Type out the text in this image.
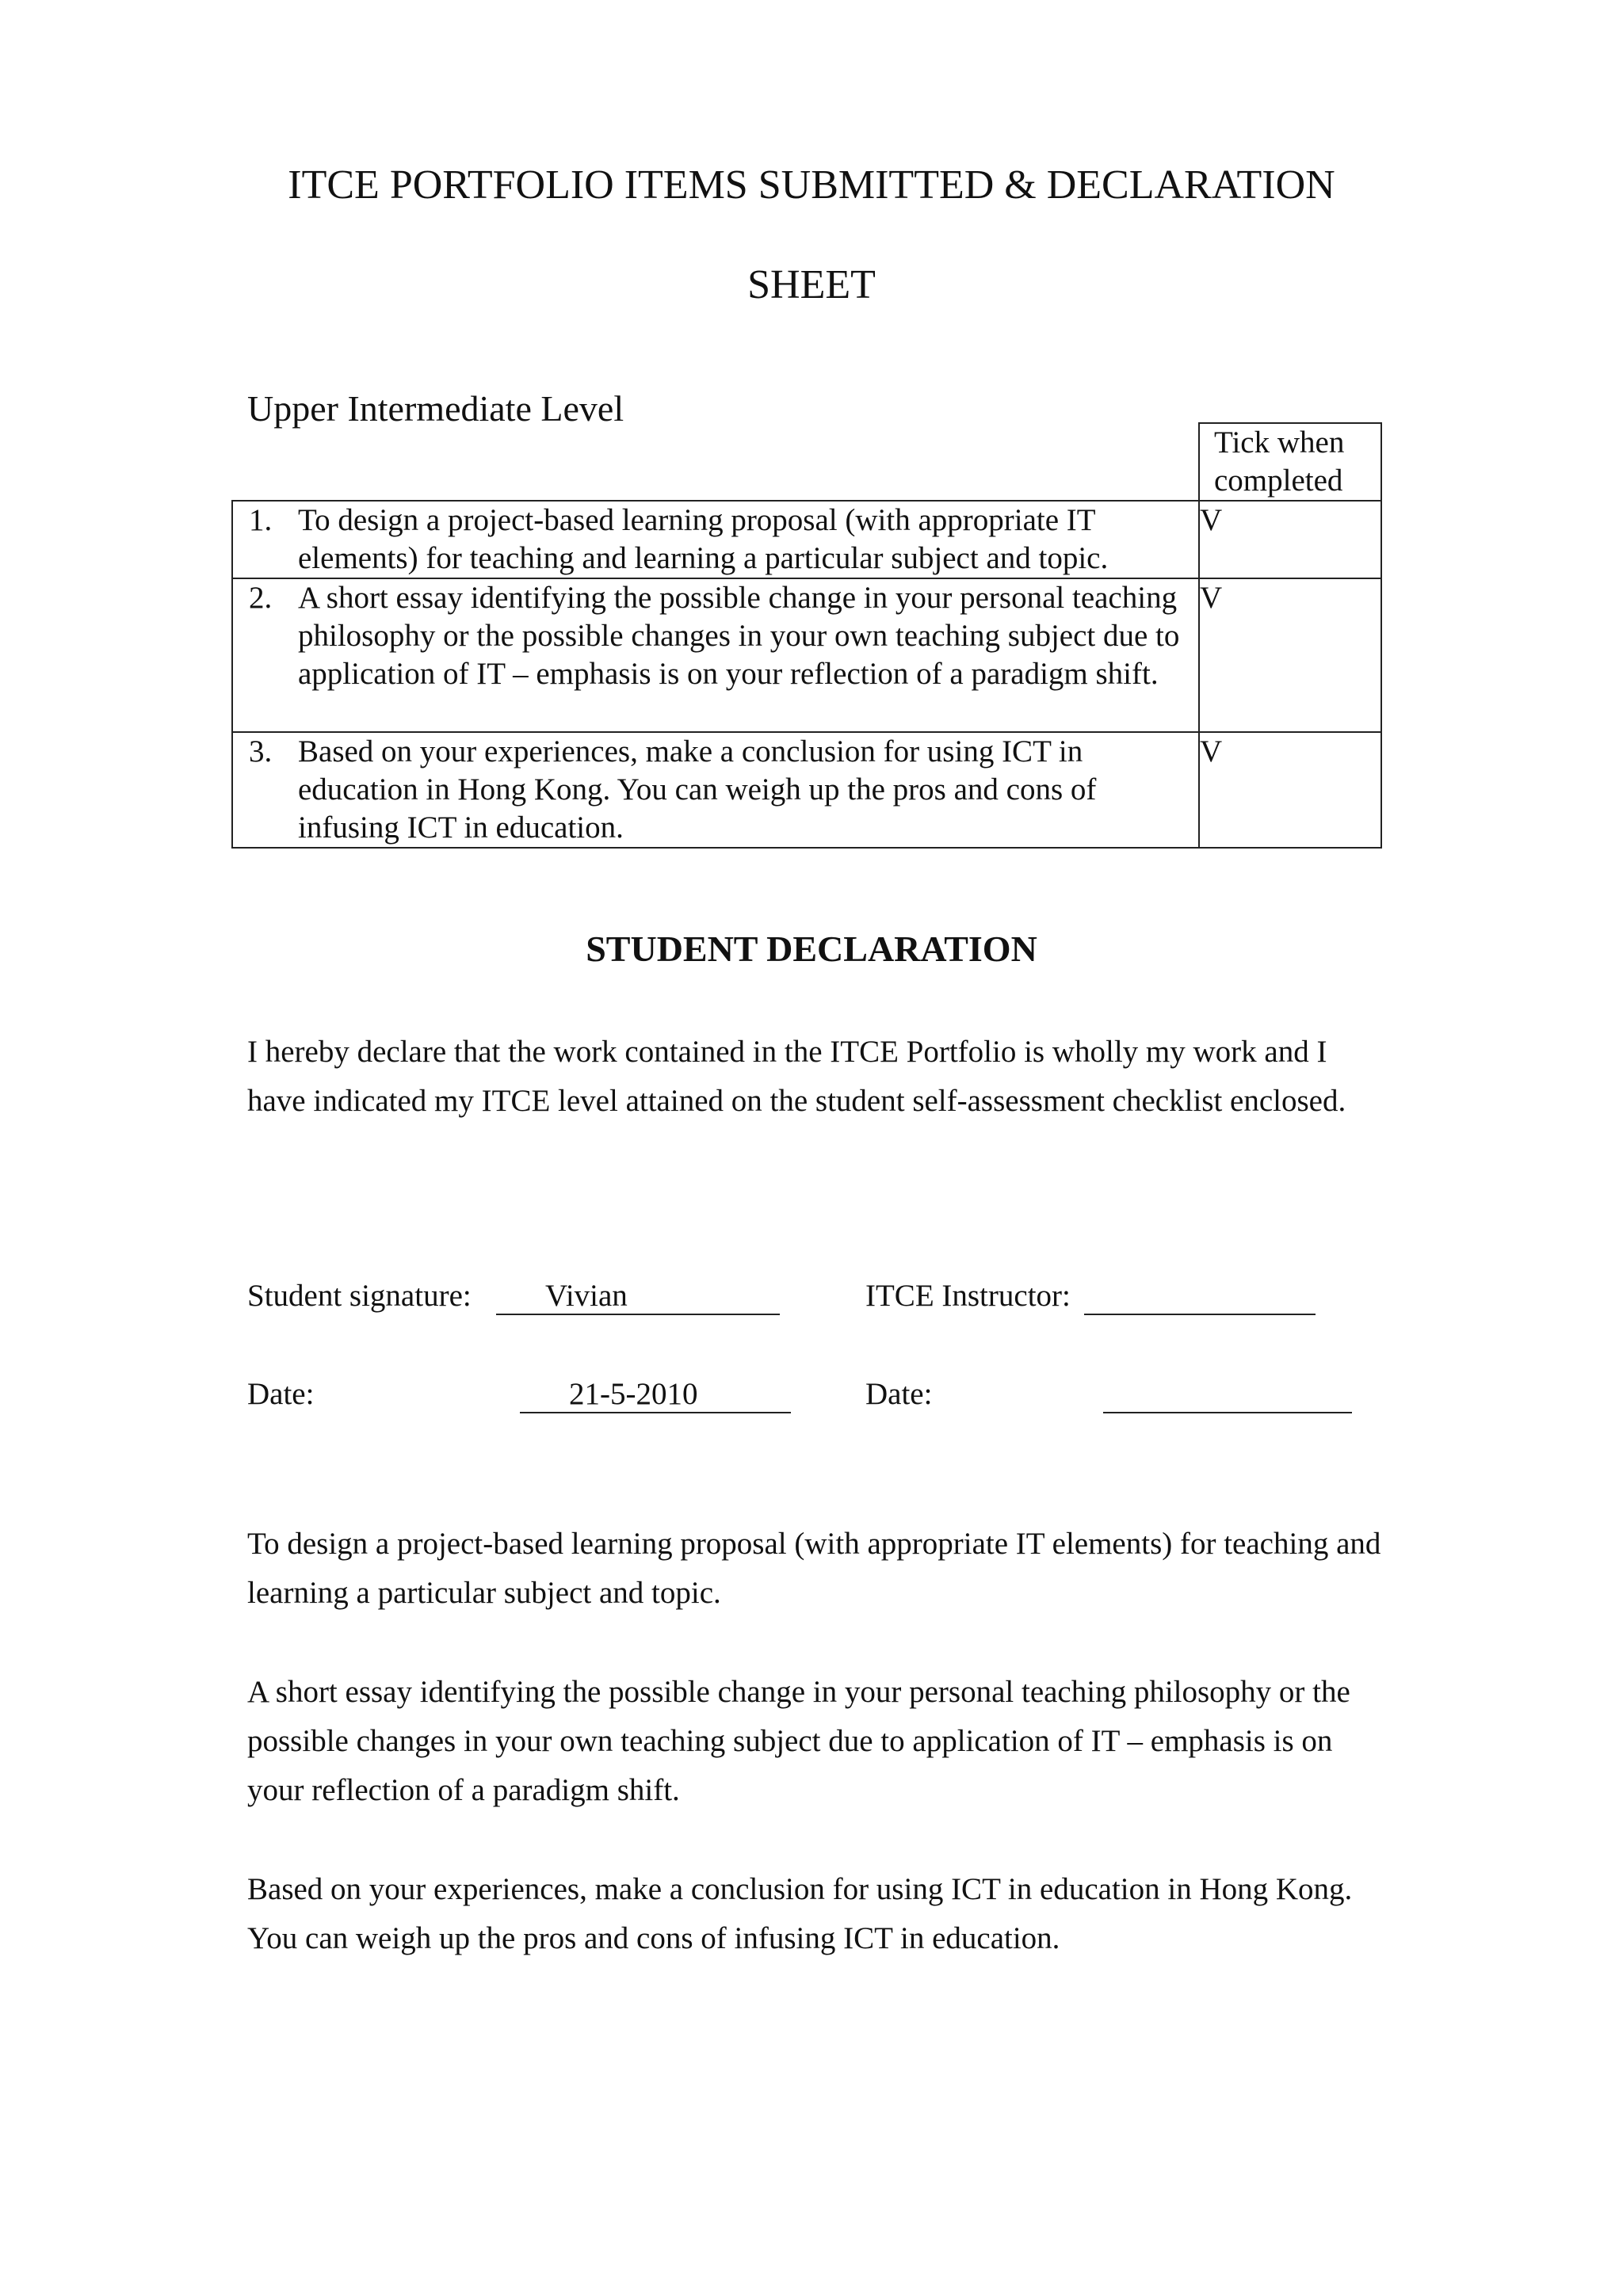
ITCE PORTFOLIO ITEMS SUBMITTED & DECLARATION
SHEET
Upper Intermediate Level
	Tick when completed

1. To design a project-based learning proposal (with appropriate IT elements) for teaching and learning a particular subject and topic.	V

2. A short essay identifying the possible change in your personal teaching philosophy or the possible changes in your own teaching subject due to application of IT – emphasis is on your reflection of a paradigm shift.	V

3. Based on your experiences, make a conclusion for using ICT in education in Hong Kong. You can weigh up the pros and cons of infusing ICT in education.	V
STUDENT DECLARATION
I hereby declare that the work contained in the ITCE Portfolio is wholly my work and I have indicated my ITCE level attained on the student self-assessment checklist enclosed.
Student signature:	Vivian	ITCE Instructor:
Date:	21-5-2010	Date:
To design a project-based learning proposal (with appropriate IT elements) for teaching and learning a particular subject and topic.
A short essay identifying the possible change in your personal teaching philosophy or the possible changes in your own teaching subject due to application of IT – emphasis is on your reflection of a paradigm shift.
Based on your experiences, make a conclusion for using ICT in education in Hong Kong. You can weigh up the pros and cons of infusing ICT in education.
